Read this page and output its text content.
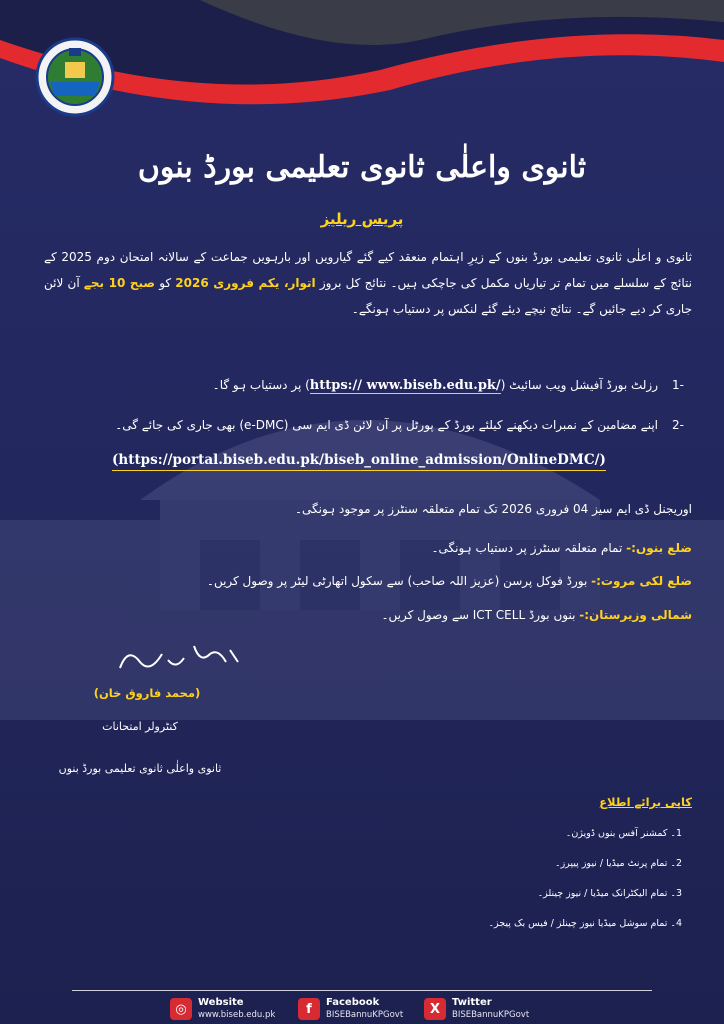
ثانوی واعلٰی ثانوی تعلیمی بورڈ بنوں
پریس ریلیز
ثانوی و اعلٰی ثانوی تعلیمی بورڈ بنوں کے زیرِ اہتمام منعقد کیے گئے گیارویں اور بارہویں جماعت کے سالانہ امتحان دوم 2025 کے نتائج کے سلسلے میں تمام تر تیاریاں مکمل کی جاچکی ہیں۔ نتائج کل بروز اتوار، یکم فروری 2026 کو صبح 10 بجے آن لائن جاری کر دیے جائیں گے۔ نتائج نیچے دیئے گئے لنکس پر دستیاب ہونگے۔
-1رزلٹ بورڈ آفیشل ویب سائیٹ (https:// www.biseb.edu.pk/) پر دستیاب ہو گا۔
-2اپنے مضامین کے نمبرات دیکھنے کیلئے بورڈ کے پورٹل پر آن لائن ڈی ایم سی (e-DMC) بھی جاری کی جائے گی۔
(https://portal.biseb.edu.pk/biseb_online_admission/OnlineDMC/)
اوریجنل ڈی ایم سیز 04 فروری 2026 تک تمام متعلقہ سنٹرز پر موجود ہونگی۔
ضلع بنوں:- تمام متعلقہ سنٹرز پر دستیاب ہونگی۔
ضلع لکی مروت:- بورڈ فوکل پرسن (عزیز اللہ صاحب) سے سکول اتھارٹی لیٹر پر وصول کریں۔
شمالی وزیرستان:- بنوں بورڈ ICT CELL سے وصول کریں۔
(محمد فاروق خان)
کنٹرولر امتحانات
ثانوی واعلٰی ثانوی تعلیمی بورڈ بنوں
کاپی برائے اطلاع
1۔ کمشنر آفس بنوں ڈویژن۔
2۔ تمام پرنٹ میڈیا / نیوز پیپرز۔
3۔ تمام الیکٹرانک میڈیا / نیوز چینلز۔
4۔ تمام سوشل میڈیا نیوز چینلز / فیس بک پیجز۔
◎	Website
www.biseb.edu.pk	f	Facebook
BISEBannuKPGovt	X	Twitter
BISEBannuKPGovt
